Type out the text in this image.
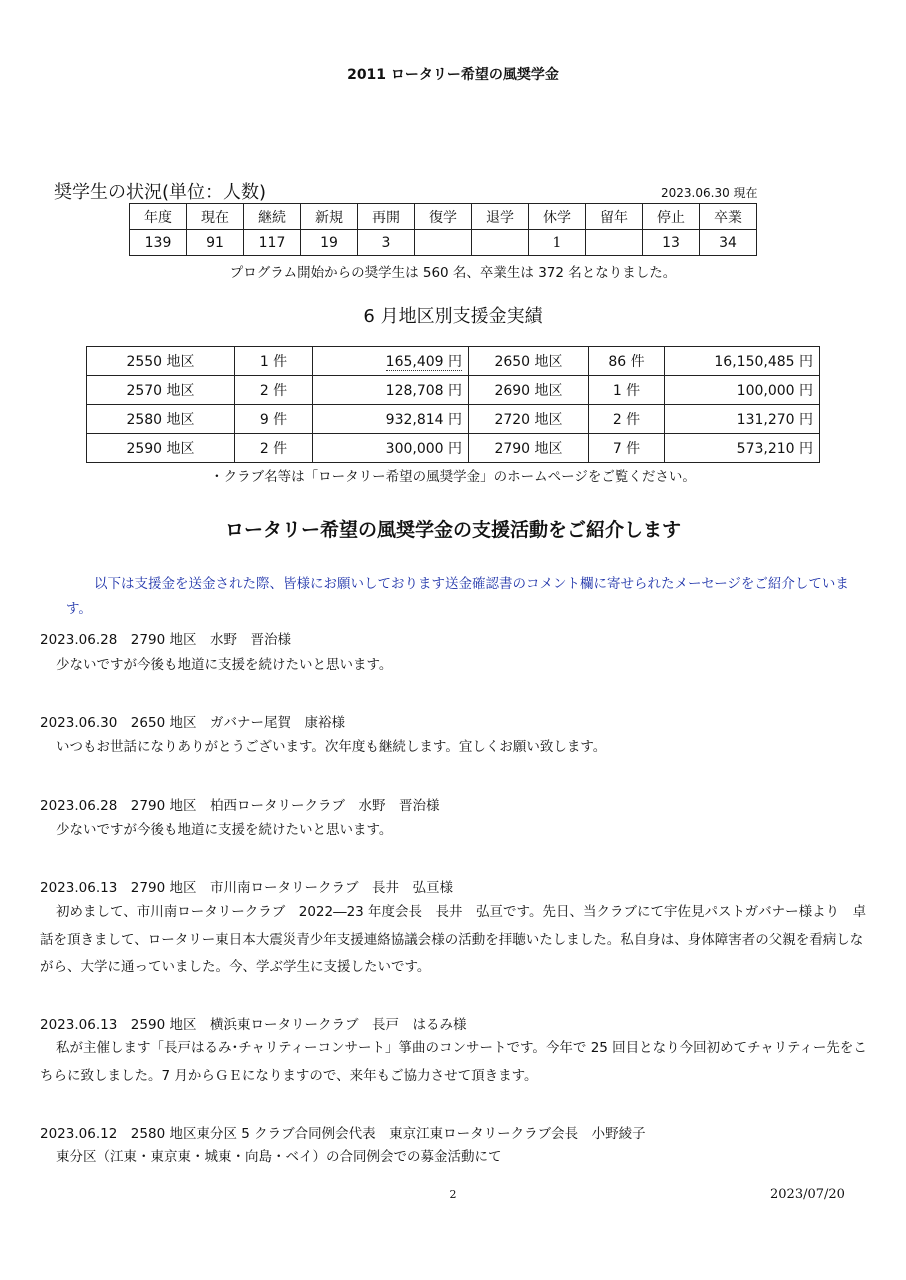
2011 ロータリー希望の風奨学金
奨学生の状況(単位：人数)	2023.06.30 現在
年度	現在	継続	新規	再開	復学	退学	休学	留年	停止	卒業
139	91	117	19	3			1		13	34
プログラム開始からの奨学生は 560 名、卒業生は 372 名となりました。
6 月地区別支援金実績
2550 地区	1 件	165,409 円	2650 地区	86 件	16,150,485 円
2570 地区	2 件	128,708 円	2690 地区	1 件	100,000 円
2580 地区	9 件	932,814 円	2720 地区	2 件	131,270 円
2590 地区	2 件	300,000 円	2790 地区	7 件	573,210 円
・クラブ名等は「ロータリー希望の風奨学金」のホームページをご覧ください。
ロータリー希望の風奨学金の支援活動をご紹介します
以下は支援金を送金された際、皆様にお願いしております送金確認書のコメント欄に寄せられたメーセージをご紹介しています。
2023.06.28　2790 地区　水野　晋治様
少ないですが今後も地道に支援を続けたいと思います。
2023.06.30　2650 地区　ガバナー尾賀　康裕様
いつもお世話になりありがとうございます。次年度も継続します。宜しくお願い致します。
2023.06.28　2790 地区　柏西ロータリークラブ　水野　晋治様
少ないですが今後も地道に支援を続けたいと思います。
2023.06.13　2790 地区　市川南ロータリークラブ　長井　弘亘様
初めまして、市川南ロータリークラブ　2022―23 年度会長　長井　弘亘です。先日、当クラブにて宇佐見パストガバナー様より　卓話を頂きまして、ロータリー東日本大震災青少年支援連絡協議会様の活動を拝聴いたしました。私自身は、身体障害者の父親を看病しながら、大学に通っていました。今、学ぶ学生に支援したいです。
2023.06.13　2590 地区　横浜東ロータリークラブ　長戸　はるみ様
私が主催します「長戸はるみ･チャリティーコンサート」箏曲のコンサートです。今年で 25 回目となり今回初めてチャリティー先をこちらに致しました。7 月からＧＥになりますので、来年もご協力させて頂きます。
2023.06.12　2580 地区東分区 5 クラブ合同例会代表　東京江東ロータリークラブ会長　小野綾子
東分区（江東・東京東・城東・向島・ベイ）の合同例会での募金活動にて
2	2023/07/20
